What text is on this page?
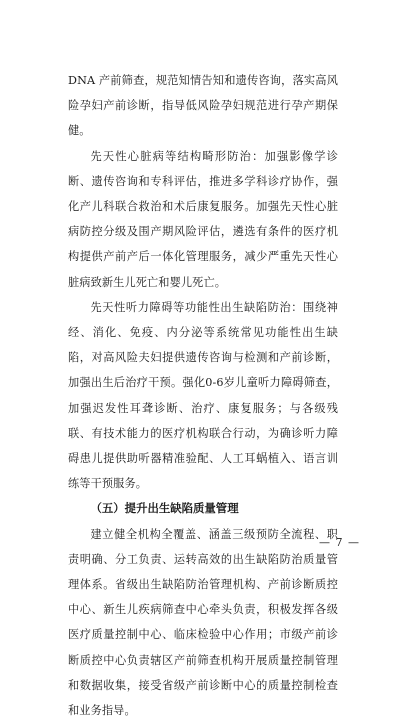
DNA 产前筛查，规范知情告知和遗传咨询，落实高风险孕妇产前诊断，指导低风险孕妇规范进行孕产期保健。

先天性心脏病等结构畸形防治：加强影像学诊断、遗传咨询和专科评估，推进多学科诊疗协作，强化产儿科联合救治和术后康复服务。加强先天性心脏病防控分级及围产期风险评估，遴选有条件的医疗机构提供产前产后一体化管理服务，减少严重先天性心脏病致新生儿死亡和婴儿死亡。

先天性听力障碍等功能性出生缺陷防治：围绕神经、消化、免疫、内分泌等系统常见功能性出生缺陷，对高风险夫妇提供遗传咨询与检测和产前诊断，加强出生后治疗干预。强化0-6岁儿童听力障碍筛查，加强迟发性耳聋诊断、治疗、康复服务；与各级残联、有技术能力的医疗机构联合行动，为确诊听力障碍患儿提供助听器精准验配、人工耳蜗植入、语言训练等干预服务。

（五）提升出生缺陷质量管理

建立健全机构全覆盖、涵盖三级预防全流程、职责明确、分工负责、运转高效的出生缺陷防治质量管理体系。省级出生缺陷防治管理机构、产前诊断质控中心、新生儿疾病筛查中心牵头负责，积极发挥各级医疗质量控制中心、临床检验中心作用；市级产前诊断质控中心负责辖区产前筛查机构开展质量控制管理和数据收集，接受省级产前诊断中心的质量控制检查和业务指导。

— 7 —
